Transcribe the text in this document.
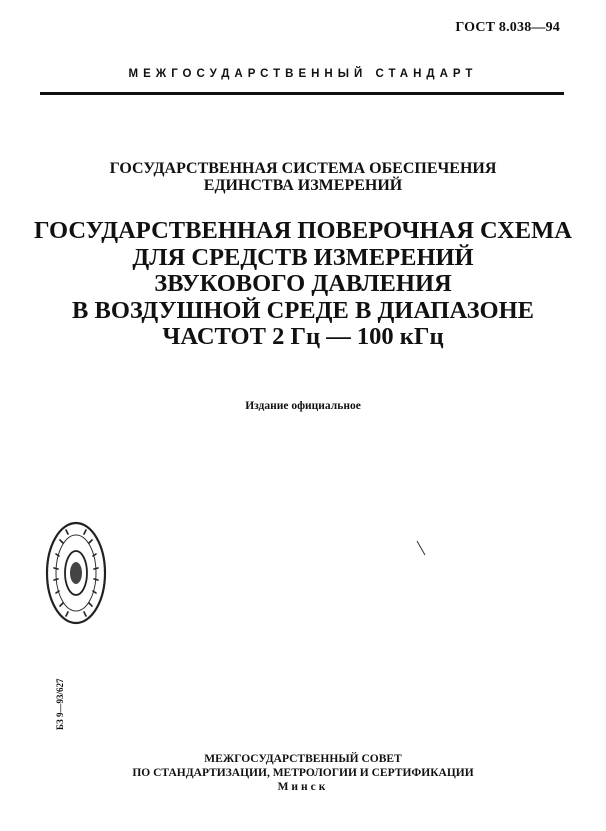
ГОСТ 8.038—94
МЕЖГОСУДАРСТВЕННЫЙ СТАНДАРТ
ГОСУДАРСТВЕННАЯ СИСТЕМА ОБЕСПЕЧЕНИЯ
ЕДИНСТВА ИЗМЕРЕНИЙ
ГОСУДАРСТВЕННАЯ ПОВЕРОЧНАЯ СХЕМА
ДЛЯ СРЕДСТВ ИЗМЕРЕНИЙ
ЗВУКОВОГО ДАВЛЕНИЯ
В ВОЗДУШНОЙ СРЕДЕ В ДИАПАЗОНЕ
ЧАСТОТ 2 Гц — 100 кГц
Издание официальное
БЗ 9—93/627
МЕЖГОСУДАРСТВЕННЫЙ СОВЕТ
ПО СТАНДАРТИЗАЦИИ, МЕТРОЛОГИИ И СЕРТИФИКАЦИИ
Минск
